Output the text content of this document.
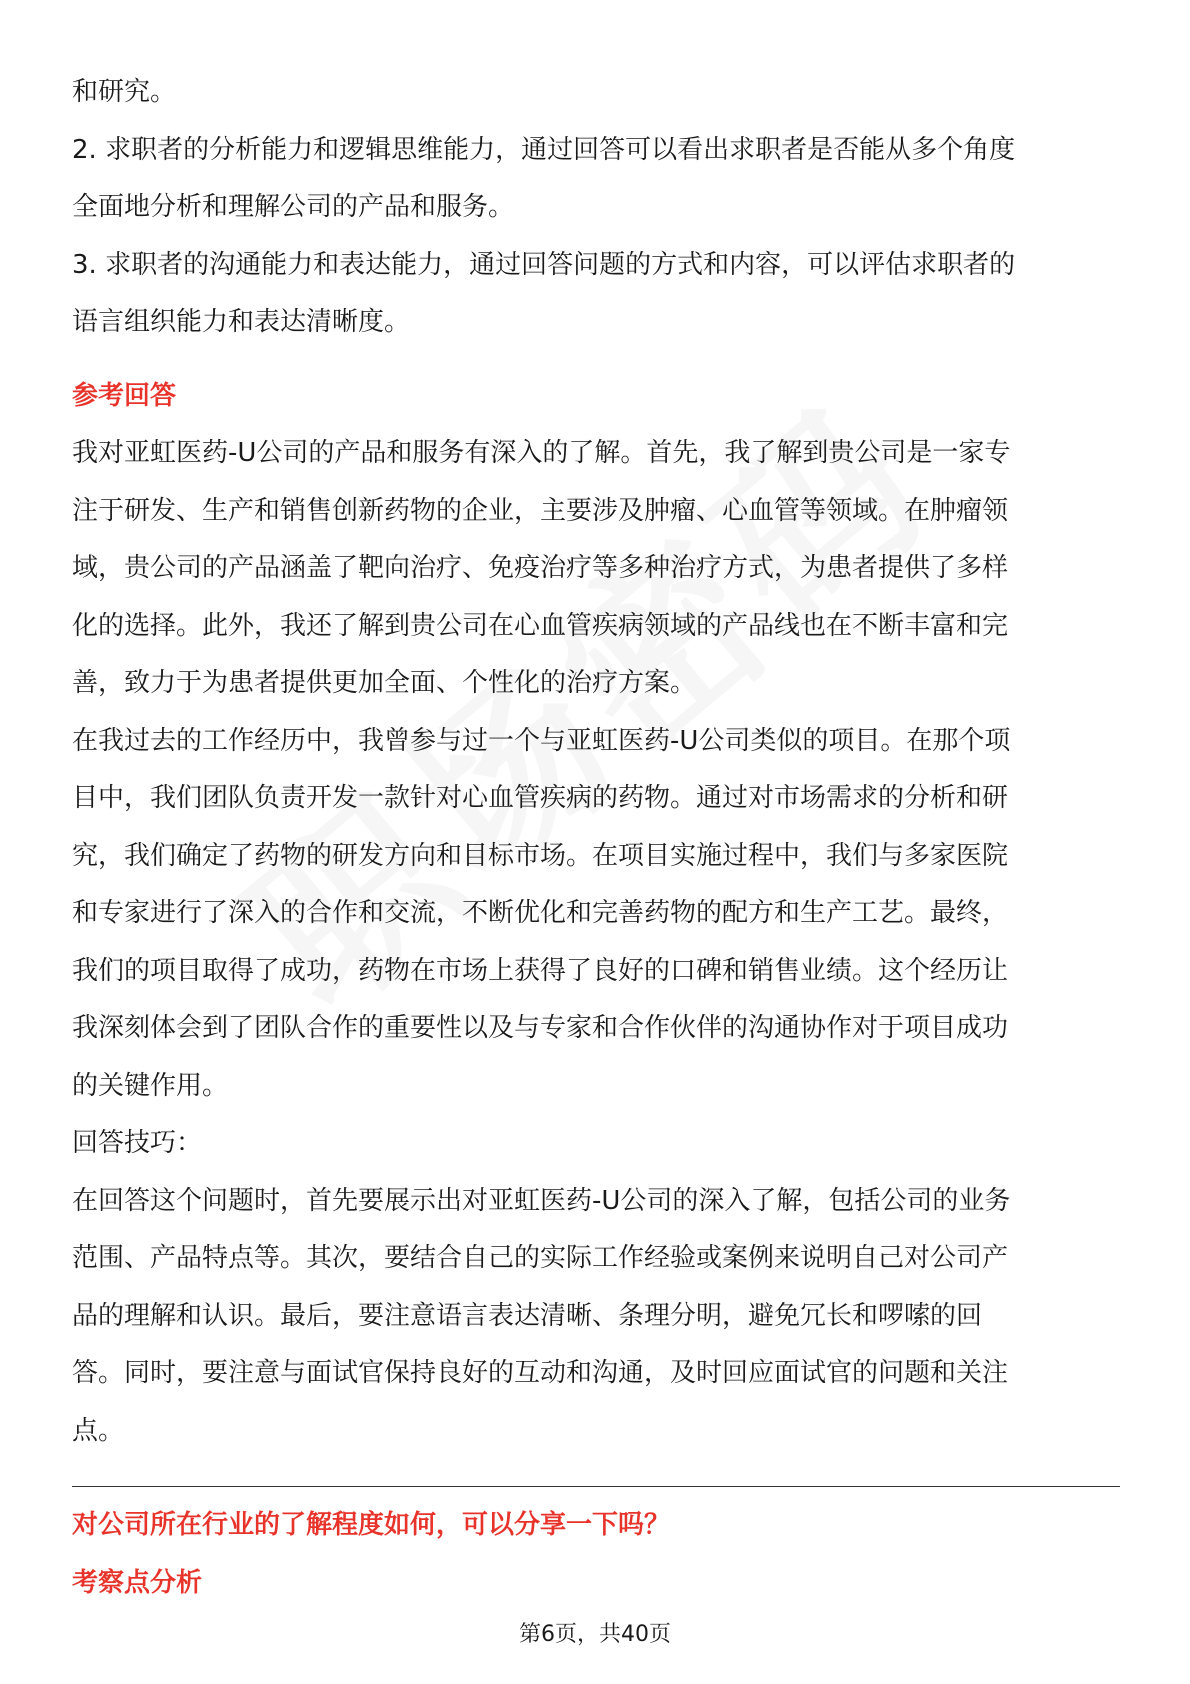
和研究。

2. 求职者的分析能力和逻辑思维能力，通过回答可以看出求职者是否能从多个角度

全面地分析和理解公司的产品和服务。

3. 求职者的沟通能力和表达能力，通过回答问题的方式和内容，可以评估求职者的

语言组织能力和表达清晰度。

参考回答

我对亚虹医药-U公司的产品和服务有深入的了解。首先，我了解到贵公司是一家专

注于研发、生产和销售创新药物的企业，主要涉及肿瘤、心血管等领域。在肿瘤领

域，贵公司的产品涵盖了靶向治疗、免疫治疗等多种治疗方式，为患者提供了多样

化的选择。此外，我还了解到贵公司在心血管疾病领域的产品线也在不断丰富和完

善，致力于为患者提供更加全面、个性化的治疗方案。

在我过去的工作经历中，我曾参与过一个与亚虹医药-U公司类似的项目。在那个项

目中，我们团队负责开发一款针对心血管疾病的药物。通过对市场需求的分析和研

究，我们确定了药物的研发方向和目标市场。在项目实施过程中，我们与多家医院

和专家进行了深入的合作和交流，不断优化和完善药物的配方和生产工艺。最终，

我们的项目取得了成功，药物在市场上获得了良好的口碑和销售业绩。这个经历让

我深刻体会到了团队合作的重要性以及与专家和合作伙伴的沟通协作对于项目成功

的关键作用。

回答技巧：

在回答这个问题时，首先要展示出对亚虹医药-U公司的深入了解，包括公司的业务

范围、产品特点等。其次，要结合自己的实际工作经验或案例来说明自己对公司产

品的理解和认识。最后，要注意语言表达清晰、条理分明，避免冗长和啰嗦的回

答。同时，要注意与面试官保持良好的互动和沟通，及时回应面试官的问题和关注

点。

对公司所在行业的了解程度如何，可以分享一下吗？

考察点分析

第6页，共40页
